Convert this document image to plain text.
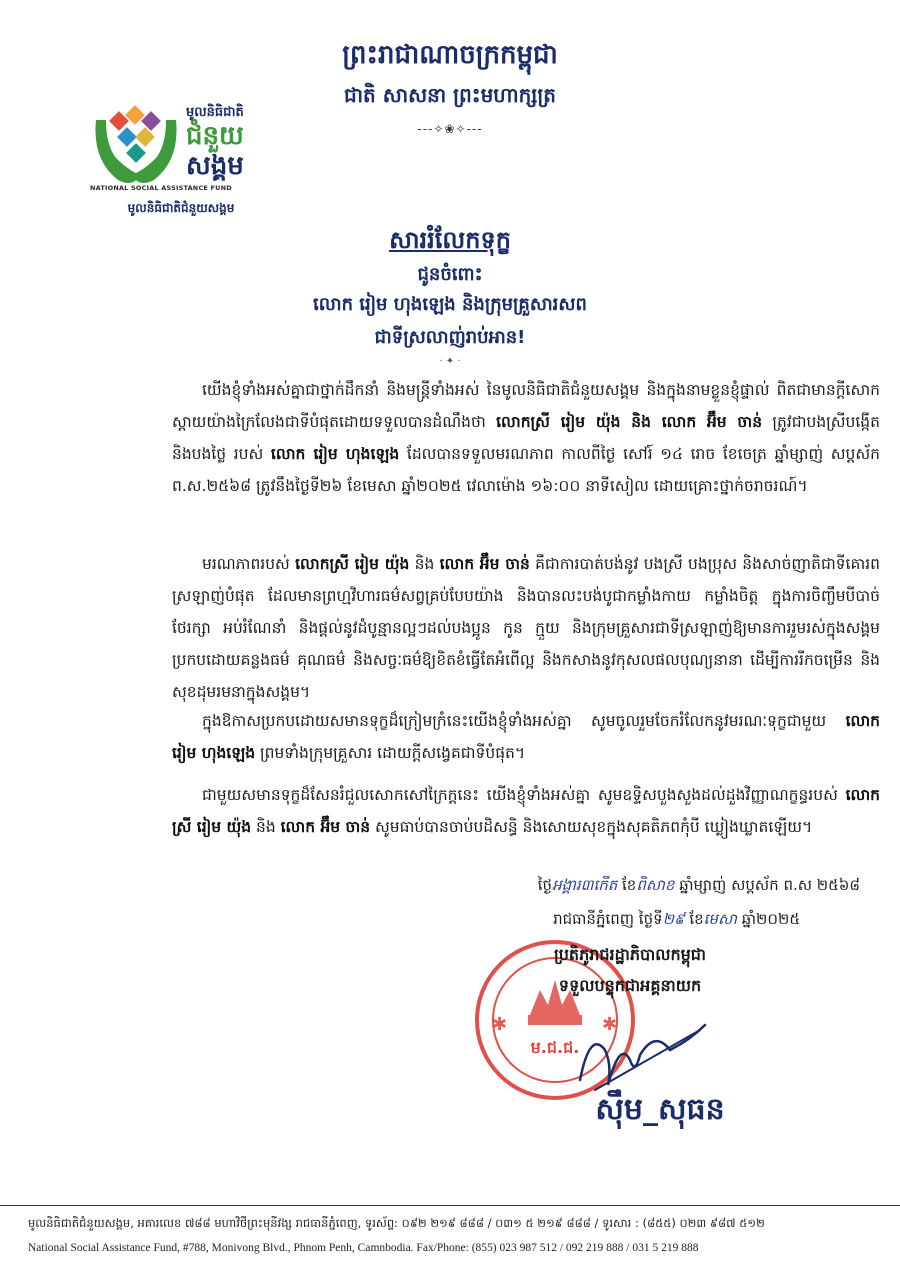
ព្រះរាជាណាចក្រកម្ពុជា
ជាតិ សាសនា ព្រះមហាក្សត្រ
---✧❀✧---
មូលនិធិជាតិ
ជំនួយ
សង្គម
NATIONAL SOCIAL ASSISTANCE FUND
មូលនិធិជាតិជំនួយសង្គម
សាររំលែកទុក្ខ
ជូនចំពោះ
លោក រៀម ហុងឡេង និងក្រុមគ្រួសារសព
ជាទីស្រលាញ់រាប់អាន!
· ✦ ·
យើងខ្ញុំទាំងអស់គ្នាជាថ្នាក់ដឹកនាំ និងមន្ត្រីទាំងអស់ នៃមូលនិធិជាតិជំនួយសង្គម និងក្នុងនាមខ្លួនខ្ញុំផ្ទាល់ ពិតជាមានក្តីសោកស្តាយយ៉ាងក្រៃលែងជាទីបំផុតដោយទទួលបានដំណឹងថា លោកស្រី រៀម យ៉ុង និង លោក អ៊ឹម ចាន់ ត្រូវជាបងស្រីបង្កើត និងបងថ្លៃ របស់ លោក រៀម ហុងឡេង ដែលបានទទួលមរណភាព កាលពីថ្ងៃ សៅរ៍ ១៤ រោច ខែចេត្រ ឆ្នាំម្សាញ់ សប្តស័ក ព.ស.២៥៦៨ ត្រូវនឹងថ្ងៃទី២៦ ខែមេសា ឆ្នាំ២០២៥ វេលាម៉ោង ១៦:០០ នាទីសៀល ដោយគ្រោះថ្នាក់ចរាចរណ៍។
មរណភាពរបស់ លោកស្រី រៀម យ៉ុង និង លោក អ៊ឹម ចាន់ គឺជាការបាត់បង់នូវ បងស្រី បងប្រុស និងសាច់ញាតិជាទីគោរពស្រឡាញ់បំផុត ដែលមានព្រហ្មវិហារធម៌សព្វគ្រប់បែបយ៉ាង និងបានលះបង់បូជាកម្លាំងកាយ កម្លាំងចិត្ត ក្នុងការចិញ្ចឹមបីបាច់ថែរក្សា អប់រំណែនាំ និងផ្តល់នូវដំបូន្មានល្អៗដល់បងប្អូន កូន ក្មួយ និងក្រុមគ្រួសារជាទីស្រឡាញ់ឱ្យមានការរួមរស់ក្នុងសង្គមប្រកបដោយគន្លងធម៌ គុណធម៌ និងសច្ចៈធម៌ឱ្យខិតខំធ្វើតែអំពើល្អ និងកសាងនូវកុសលផលបុណ្យនានា ដើម្បីការរីកចម្រើន និងសុខដុមរមនាក្នុងសង្គម។
ក្នុងឱកាសប្រកបដោយសមានទុក្ខដ៏ក្រៀមក្រំនេះយើងខ្ញុំទាំងអស់គ្នា សូមចូលរួមចែករំលែកនូវមរណៈទុក្ខជាមួយ លោក រៀម ហុងឡេង ព្រមទាំងក្រុមគ្រួសារ ដោយក្តីសង្វេគជាទីបំផុត។
ជាមួយសមានទុក្ខដ៏សែនរំជួលសោកសៅក្រៃក្តនេះ យើងខ្ញុំទាំងអស់គ្នា សូមឧទ្ទិសបួងសួងដល់ដួងវិញ្ញាណក្ខន្ធរបស់ លោកស្រី រៀម យ៉ុង និង លោក អ៊ឹម ចាន់ សូមធាប់បានចាប់បដិសន្ធិ និងសោយសុខក្នុងសុគតិភពកុំបី ឃ្លៀងឃ្លាតឡើយ។
ថ្ងៃអង្គារ៣កើត ខែពិសាខ ឆ្នាំម្សាញ់ សប្តស័ក ព.ស ២៥៦៨
រាជធានីភ្នំពេញ ថ្ងៃទី២៩ ខែមេសា ឆ្នាំ២០២៥
ម.ជ.ជ.
✱	✱
ប្រតិភូរាជរដ្ឋាភិបាលកម្ពុជា
ទទួលបន្ទុកជាអគ្គនាយក
ស៊ឹម_សុធន
មូលនិធិជាតិជំនួយសង្គម, អគារលេខ ៧៨៨ មហាវិថីព្រះមុនីវង្ស រាជធានីភ្នំពេញ, ទូរស័ព្ទ: ០៩២ ២១៩ ៨៨៨ / ០៣១ ៥ ២១៩ ៨៨៨ / ទូរសារ : (៨៥៥) ០២៣ ៩៨៧ ៥១២
National Social Assistance Fund, #788, Monivong Blvd., Phnom Penh, Camnbodia. Fax/Phone: (855) 023 987 512 / 092 219 888 / 031 5 219 888
